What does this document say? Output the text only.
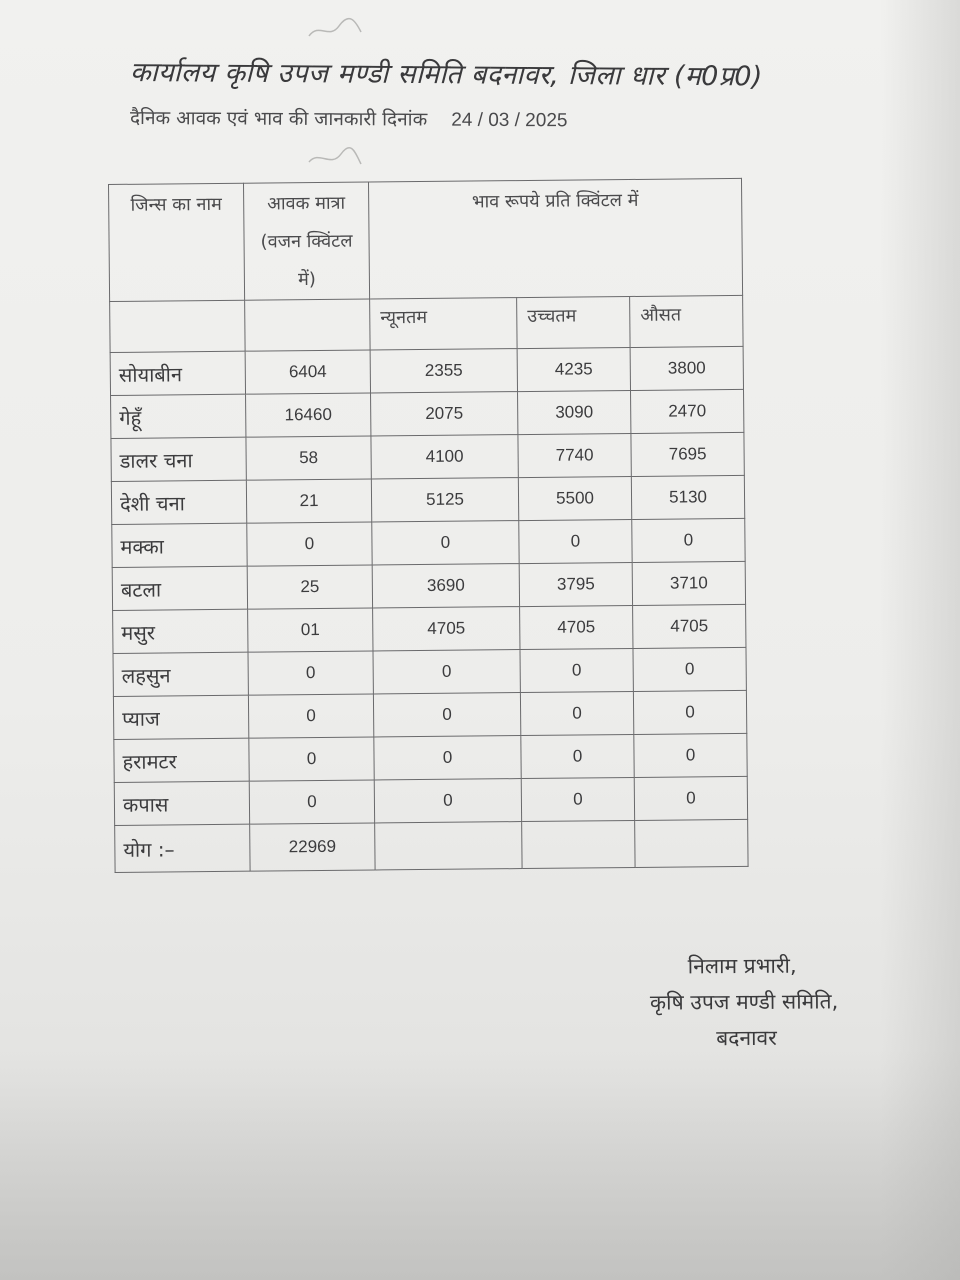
कार्यालय कृषि उपज मण्डी समिति बदनावर, जिला धार (म0प्र0)
दैनिक आवक एवं भाव की जानकारी दिनांक 24 / 03 / 2025
जिन्स का नाम	आवक मात्रा (वजन क्विंटल में)	भाव रूपये प्रति क्विंटल में		

		न्यूनतम	उच्चतम	औसत

सोयाबीन	6404	2355	4235	3800
गेहूँ	16460	2075	3090	2470
डालर चना	58	4100	7740	7695
देशी चना	21	5125	5500	5130
मक्का	0	0	0	0
बटला	25	3690	3795	3710
मसुर	01	4705	4705	4705
लहसुन	0	0	0	0
प्याज	0	0	0	0
हरामटर	0	0	0	0
कपास	0	0	0	0
योग :–	22969			
निलाम प्रभारी,
कृषि उपज मण्डी समिति,
बदनावर
